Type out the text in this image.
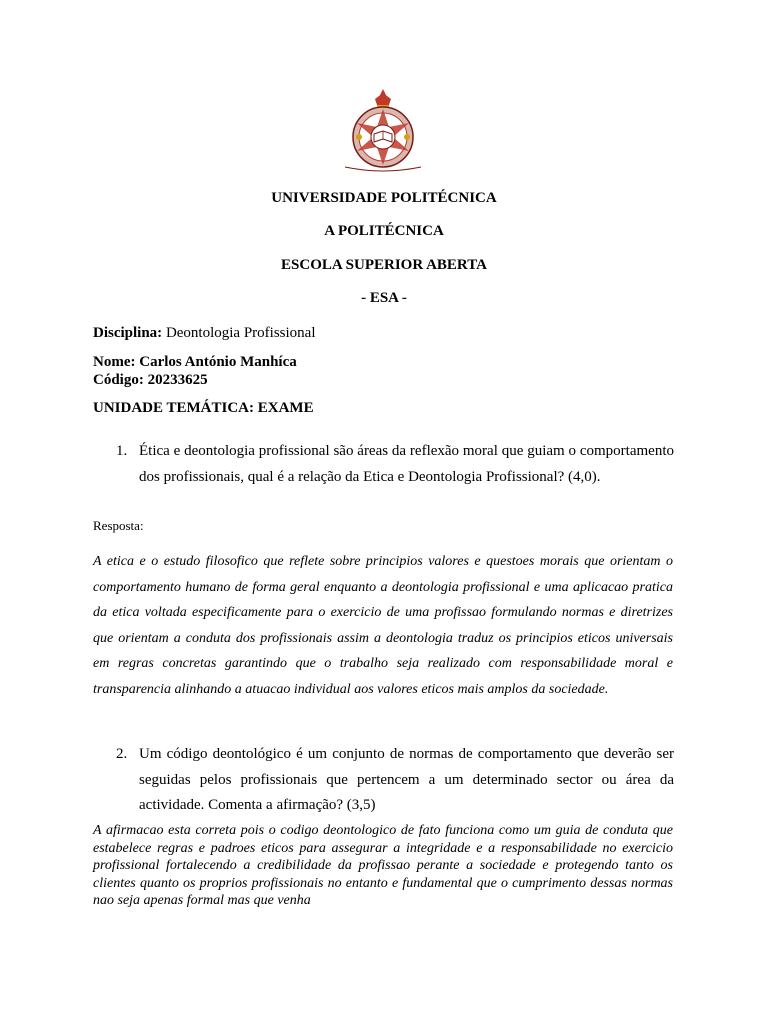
UNIVERSIDADE POLITÉCNICA
A POLITÉCNICA
ESCOLA SUPERIOR ABERTA
- ESA -
Disciplina: Deontologia Profissional
Nome: Carlos António Manhíca
Código: 20233625
UNIDADE TEMÁTICA: EXAME
1. Ética e deontologia profissional são áreas da reflexão moral que guiam o comportamento dos profissionais, qual é a relação da Etica e Deontologia Profissional? (4,0).
Resposta:
A etica e o estudo filosofico que reflete sobre principios valores e questoes morais que orientam o comportamento humano de forma geral enquanto a deontologia profissional e uma aplicacao pratica da etica voltada especificamente para o exercicio de uma profissao formulando normas e diretrizes que orientam a conduta dos profissionais assim a deontologia traduz os principios eticos universais em regras concretas garantindo que o trabalho seja realizado com responsabilidade moral e transparencia alinhando a atuacao individual aos valores eticos mais amplos da sociedade.
2. Um código deontológico é um conjunto de normas de comportamento que deverão ser seguidas pelos profissionais que pertencem a um determinado sector ou área da actividade. Comenta a afirmação? (3,5)
A afirmacao esta correta pois o codigo deontologico de fato funciona como um guia de conduta que estabelece regras e padroes eticos para assegurar a integridade e a responsabilidade no exercicio profissional fortalecendo a credibilidade da profissao perante a sociedade e protegendo tanto os clientes quanto os proprios profissionais no entanto e fundamental que o cumprimento dessas normas nao seja apenas formal mas que venha
